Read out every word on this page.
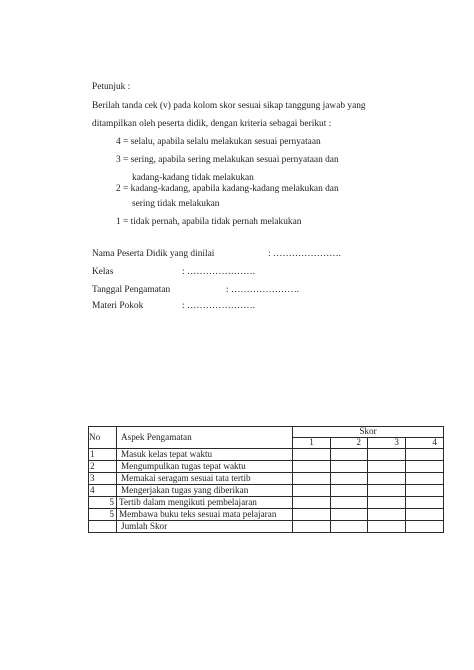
Petunjuk :
Berilah tanda cek (v) pada kolom skor sesuai sikap tanggung jawab yang
ditampilkan oleh peserta didik, dengan kriteria sebagai berikut :
4 = selalu, apabila selalu melakukan sesuai pernyataan
3 = sering, apabila sering melakukan sesuai pernyataan dan
kadang-kadang tidak melakukan
2 = kadang-kadang, apabila kadang-kadang melakukan dan
sering tidak melakukan
1 = tidak pernah, apabila tidak pernah melakukan
Nama Peserta Didik yang dinilai	: ………………….
Kelas	: ………………….
Tanggal Pengamatan	: ………………….
Materi Pokok	: ………………….
No	Aspek Pengamatan	Skor			
		1	2	3	4
1	Masuk kelas tepat waktu				
2	Mengumpulkan tugas tepat waktu				
3	Memakai seragam sesuai tata tertib				
4	Mengerjakan tugas yang diberikan				
5	Tertib dalam mengikuti pembelajaran				
5	Membawa buku teks sesuai mata pelajaran				
	Jumlah Skor				
